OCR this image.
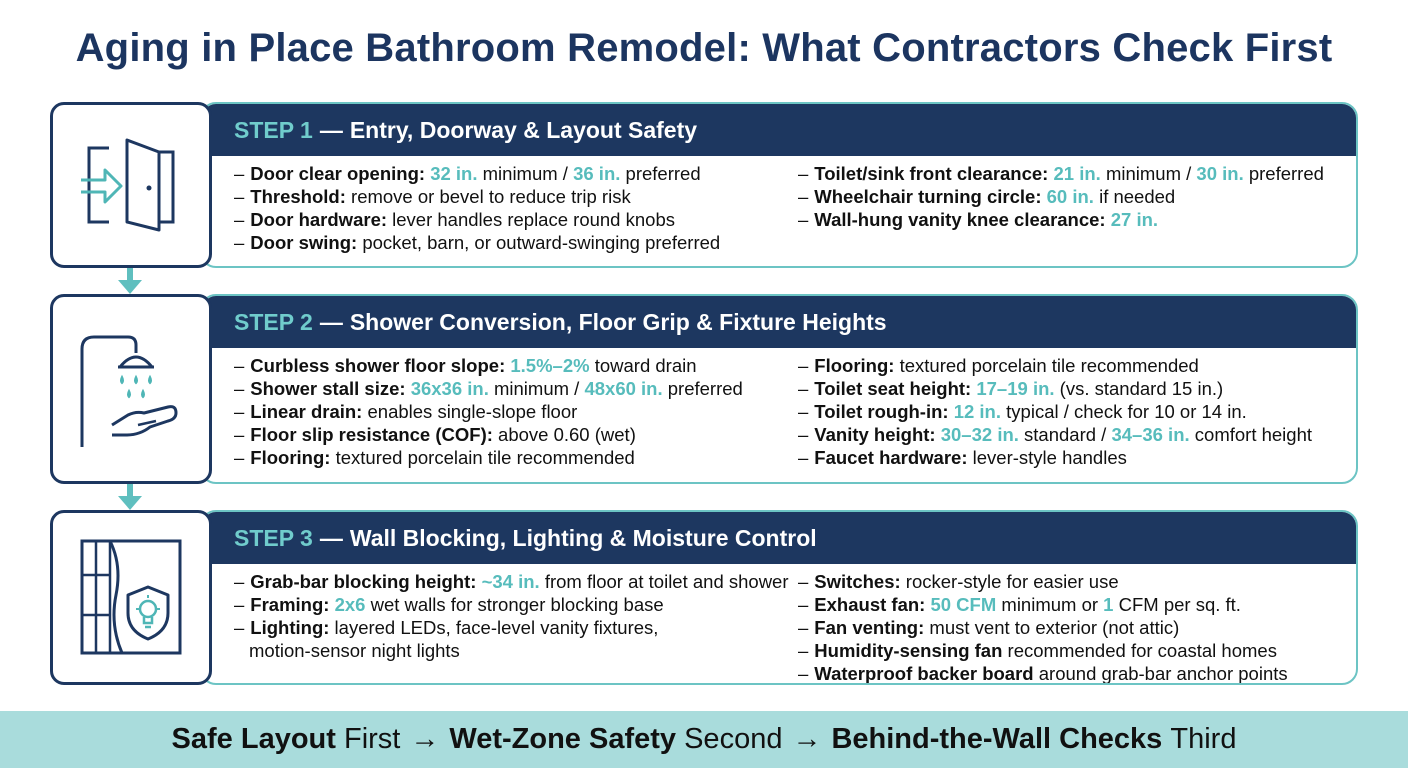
Aging in Place Bathroom Remodel: What Contractors Check First
STEP 1 — Entry, Doorway & Layout Safety
– Door clear opening: 32 in. minimum / 36 in. preferred
– Threshold: remove or bevel to reduce trip risk
– Door hardware: lever handles replace round knobs
– Door swing: pocket, barn, or outward-swinging preferred
– Toilet/sink front clearance: 21 in. minimum / 30 in. preferred
– Wheelchair turning circle: 60 in. if needed
– Wall-hung vanity knee clearance: 27 in.
STEP 2 — Shower Conversion, Floor Grip & Fixture Heights
– Curbless shower floor slope: 1.5%–2% toward drain
– Shower stall size: 36x36 in. minimum / 48x60 in. preferred
– Linear drain: enables single-slope floor
– Floor slip resistance (COF): above 0.60 (wet)
– Flooring: textured porcelain tile recommended
– Flooring: textured porcelain tile recommended
– Toilet seat height: 17–19 in. (vs. standard 15 in.)
– Toilet rough-in: 12 in. typical / check for 10 or 14 in.
– Vanity height: 30–32 in. standard / 34–36 in. comfort height
– Faucet hardware: lever-style handles
STEP 3 — Wall Blocking, Lighting & Moisture Control
– Grab-bar blocking height: ~34 in. from floor at toilet and shower
– Framing: 2x6 wet walls for stronger blocking base
– Lighting: layered LEDs, face-level vanity fixtures,
motion-sensor night lights
– Switches: rocker-style for easier use
– Exhaust fan: 50 CFM minimum or 1 CFM per sq. ft.
– Fan venting: must vent to exterior (not attic)
– Humidity-sensing fan recommended for coastal homes
– Waterproof backer board around grab-bar anchor points
Safe Layout
First → Wet-Zone Safety
Second → Behind-the-Wall Checks
Third
